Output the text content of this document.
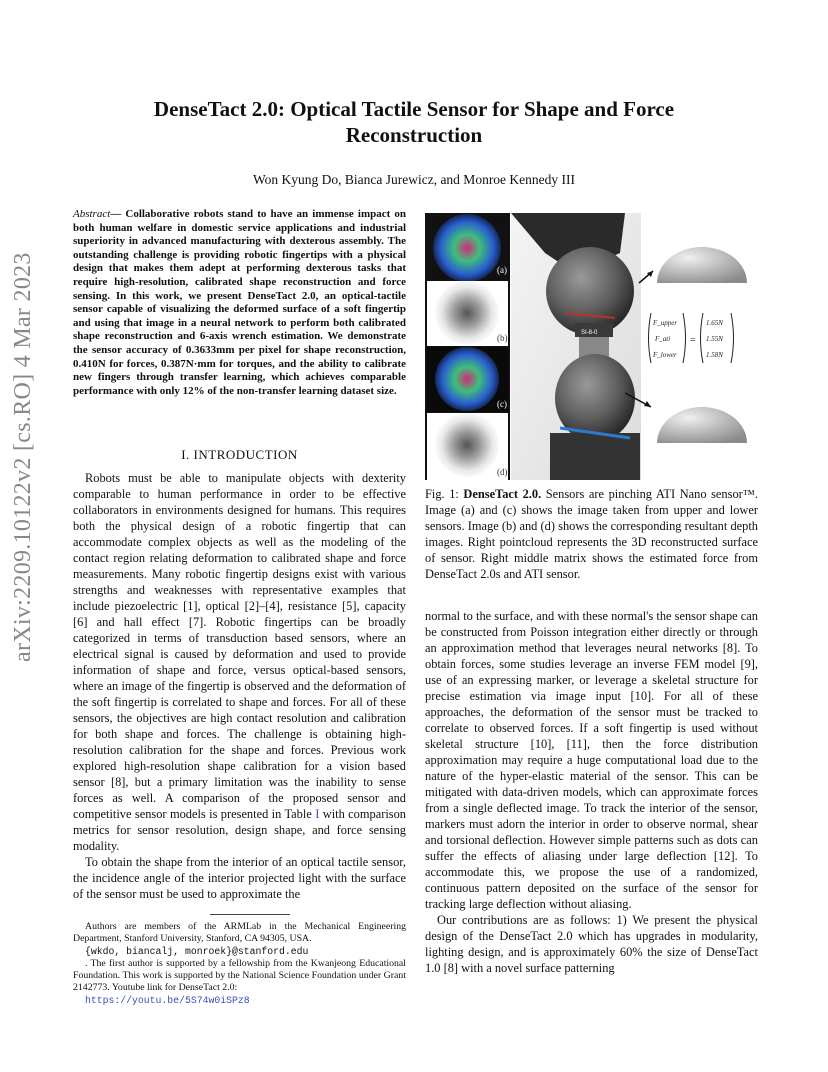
DenseTact 2.0: Optical Tactile Sensor for Shape and Force
Reconstruction
Won Kyung Do, Bianca Jurewicz, and Monroe Kennedy III
arXiv:2209.10122v2 [cs.RO] 4 Mar 2023
Abstract— Collaborative robots stand to have an immense impact on both human welfare in domestic service applications and industrial superiority in advanced manufacturing with dexterous assembly. The outstanding challenge is providing robotic fingertips with a physical design that makes them adept at performing dexterous tasks that require high-resolution, calibrated shape reconstruction and force sensing. In this work, we present DenseTact 2.0, an optical-tactile sensor capable of visualizing the deformed surface of a soft fingertip and using that image in a neural network to perform both calibrated shape reconstruction and 6-axis wrench estimation. We demonstrate the sensor accuracy of 0.3633mm per pixel for shape reconstruction, 0.410N for forces, 0.387N·mm for torques, and the ability to calibrate new fingers through transfer learning, which achieves comparable performance with only 12% of the non-transfer learning dataset size.
I. INTRODUCTION

Robots must be able to manipulate objects with dexterity comparable to human performance in order to be effective collaborators in environments designed for humans. This requires both the physical design of a robotic fingertip that can accommodate complex objects as well as the modeling of the contact region relating deformation to calibrated shape and force measurements. Many robotic fingertip designs exist with various strengths and weaknesses with representative examples that include piezoelectric [1], optical [2]–[4], resistance [5], capacity [6] and hall effect [7]. Robotic fingertips can be broadly categorized in terms of transduction based sensors, where an electrical signal is caused by deformation and used to provide information of shape and force, versus optical-based sensors, where an image of the fingertip is observed and the deformation of the soft fingertip is correlated to shape and forces. For all of these sensors, the objectives are high contact resolution and calibration for both shape and forces. The challenge is obtaining high-resolution calibration for the shape and forces. Previous work explored high-resolution shape calibration for a vision based sensor [8], but a primary limitation was the inability to sense forces as well. A comparison of the proposed sensor and competitive sensor models is presented in Table I with comparison metrics for sensor resolution, design shape, and force sensing modality.

To obtain the shape from the interior of an optical tactile sensor, the incidence angle of the interior projected light with the surface of the sensor must be used to approximate the

Authors are members of the ARMLab in the Mechanical Engineering Department, Stanford University, Stanford, CA 94305, USA.
{wkdo, biancalj, monroek}@stanford.edu
. The first author is supported by a fellowship from the Kwanjeong Educational Foundation. This work is supported by the National Science Foundation under Grant 2142773. Youtube link for DenseTact 2.0:
https://youtu.be/5S74w0iSPz8
(a)
(b)
(c)
(d)
SI-8-0
F_upper
F_ati
F_lower
=
1.65N
1.55N
1.58N
Fig. 1: DenseTact 2.0. Sensors are pinching ATI Nano sensor™. Image (a) and (c) shows the image taken from upper and lower sensors. Image (b) and (d) shows the corresponding resultant depth images. Right pointcloud represents the 3D reconstructed surface of sensor. Right middle matrix shows the estimated force from DenseTact 2.0s and ATI sensor.

normal to the surface, and with these normal's the sensor shape can be constructed from Poisson integration either directly or through an approximation method that leverages neural networks [8]. To obtain forces, some studies leverage an inverse FEM model [9], use of an expressing marker, or leverage a skeletal structure for precise estimation via image input [10]. For all of these approaches, the deformation of the sensor must be tracked to correlate to observed forces. If a soft fingertip is used without skeletal structure [10], [11], then the force distribution approximation may require a huge computational load due to the nature of the hyper-elastic material of the sensor. This can be mitigated with data-driven models, which can approximate forces from a single deflected image. To track the interior of the sensor, markers must adorn the interior in order to observe normal, shear and torsional deflection. However simple patterns such as dots can suffer the effects of aliasing under large deflection [12]. To accommodate this, we propose the use of a randomized, continuous pattern deposited on the surface of the sensor for tracking large deflection without aliasing.

Our contributions are as follows: 1) We present the physical design of the DenseTact 2.0 which has upgrades in modularity, lighting design, and is approximately 60% the size of DenseTact 1.0 [8] with a novel surface patterning
